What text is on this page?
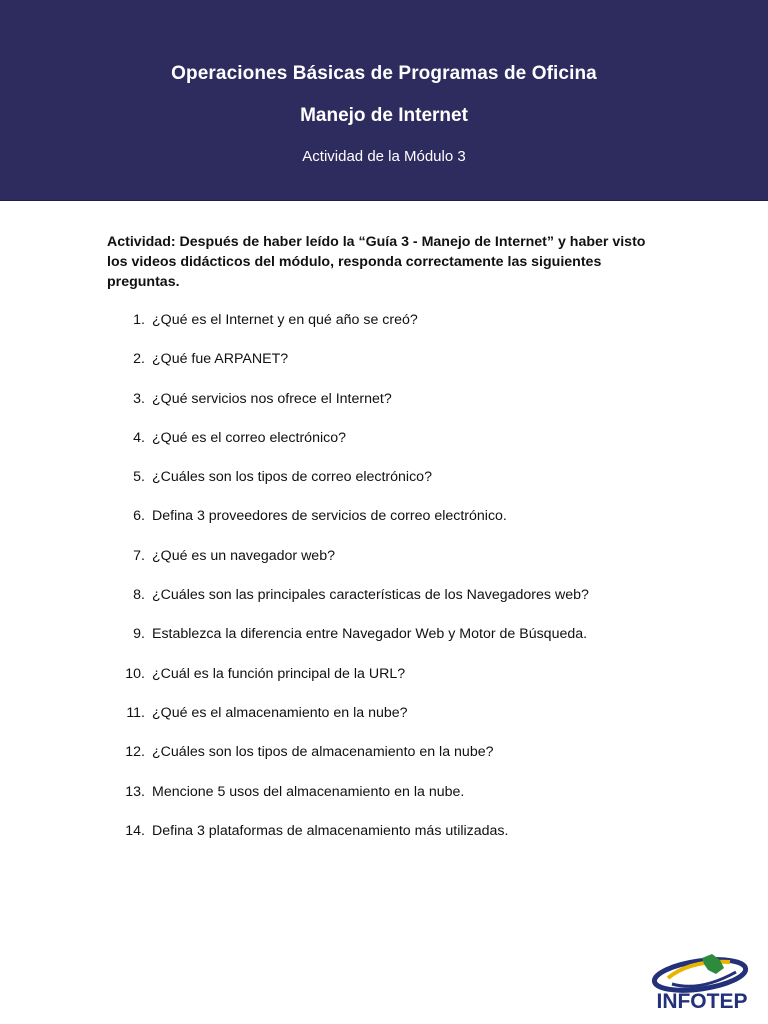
Operaciones Básicas de Programas de Oficina
Manejo de Internet
Actividad de la Módulo 3
Actividad: Después de haber leído la “Guía 3 - Manejo de Internet” y haber visto los videos didácticos del módulo, responda correctamente las siguientes preguntas.
1. ¿Qué es el Internet y en qué año se creó?
2. ¿Qué fue ARPANET?
3. ¿Qué servicios nos ofrece el Internet?
4. ¿Qué es el correo electrónico?
5. ¿Cuáles son los tipos de correo electrónico?
6. Defina 3 proveedores de servicios de correo electrónico.
7. ¿Qué es un navegador web?
8. ¿Cuáles son las principales características de los Navegadores web?
9. Establezca la diferencia entre Navegador Web y Motor de Búsqueda.
10. ¿Cuál es la función principal de la URL?
11. ¿Qué es el almacenamiento en la nube?
12. ¿Cuáles son los tipos de almacenamiento en la nube?
13. Mencione 5 usos del almacenamiento en la nube.
14. Defina 3 plataformas de almacenamiento más utilizadas.
INFOTEP
